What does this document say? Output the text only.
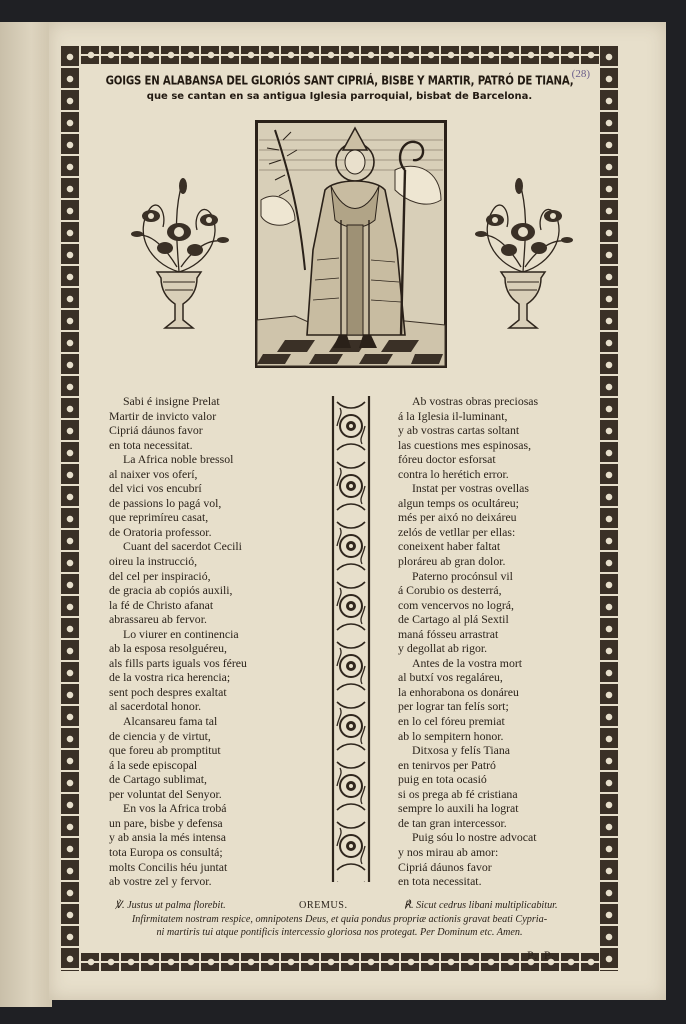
GOIGS EN ALABANSA DEL GLORIÓS SANT CIPRIÁ, BISBE Y MARTIR, PATRÓ DE TIANA,
que se cantan en sa antigua Iglesia parroquial, bisbat de Barcelona.
(28)
Sabi é insigne Prelat
Martir de invicto valor
Cipriá dáunos favor
en tota necessitat.
La Africa noble bressol
al naixer vos oferí,
del vici vos encubrí
de passions lo pagá vol,
que reprimíreu casat,
de Oratoria professor.
Cuant del sacerdot Cecili
oireu la instrucció,
del cel per inspiració,
de gracia ab copiós auxili,
la fé de Christo afanat
abrassareu ab fervor.
Lo viurer en continencia
ab la esposa resolguéreu,
als fills parts iguals vos féreu
de la vostra rica herencia;
sent poch despres exaltat
al sacerdotal honor.
Alcansareu fama tal
de ciencia y de virtut,
que foreu ab promptitut
á la sede episcopal
de Cartago sublimat,
per voluntat del Senyor.
En vos la Africa trobá
un pare, bisbe y defensa
y ab ansia la més intensa
tota Europa os consultá;
molts Concilis héu juntat
ab vostre zel y fervor.
Ab vostras obras preciosas
á la Iglesia il-luminant,
y ab vostras cartas soltant
las cuestions mes espinosas,
fóreu doctor esforsat
contra lo herétich error.
Instat per vostras ovellas
algun temps os ocultáreu;
més per aixó no deixáreu
zelós de vetllar per ellas:
coneixent haber faltat
ploráreu ab gran dolor.
Paterno procónsul vil
á Corubio os desterrá,
com vencervos no lográ,
de Cartago al plá Sextil
maná fósseu arrastrat
y degollat ab rigor.
Antes de la vostra mort
al butxí vos regaláreu,
la enhorabona os donáreu
per lograr tan felís sort;
en lo cel fóreu premiat
ab lo sempitern honor.
Ditxosa y felís Tiana
en tenirvos per Patró
puig en tota ocasió
si os prega ab fé cristiana
sempre lo auxili ha lograt
de tan gran intercessor.
Puig sóu lo nostre advocat
y nos mirau ab amor:
Cipriá dáunos favor
en tota necessitat.
℣. Justus ut palma florebit.	OREMUS.	℟. Sicut cedrus libani multiplicabitur.
Infirmitatem nostram respice, omnipotens Deus, et quia pondus propriæ actionis gravat beati Cypria-
ni martiris tui atque pontificis intercessio gloriosa nos protegat. Per Dominum etc. Amen.
P. P.
